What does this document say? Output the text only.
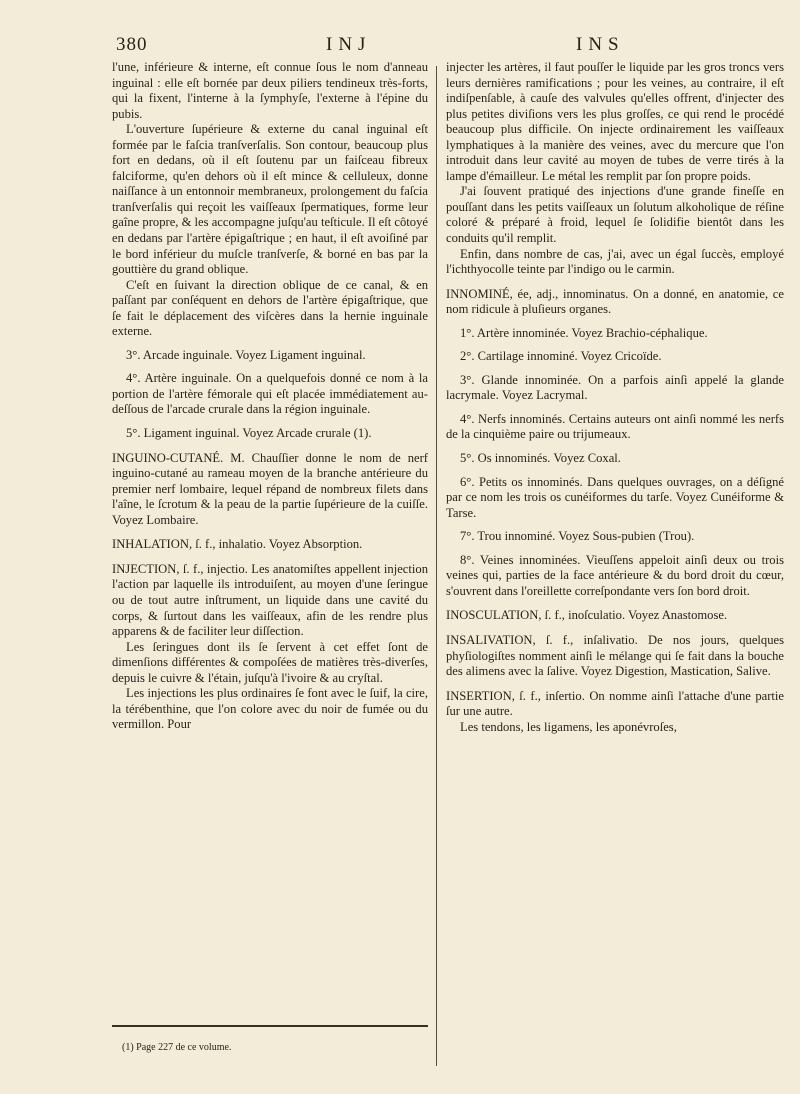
380	INJ	INS

l'une, inférieure & interne, eſt connue ſous le nom d'anneau inguinal : elle eſt bornée par deux piliers tendineux très-forts, qui la fixent, l'interne à la ſymphyſe, l'externe à l'épine du pubis.

L'ouverture ſupérieure & externe du canal inguinal eſt formée par le faſcia tranſverſalis. Son contour, beaucoup plus fort en dedans, où il eſt ſoutenu par un faiſceau fibreux falciforme, qu'en dehors où il eſt mince & celluleux, donne naiſſance à un entonnoir membraneux, prolongement du faſcia tranſverſalis qui reçoit les vaiſſeaux ſpermatiques, forme leur gaîne propre, & les accompagne juſqu'au teſticule. Il eſt côtoyé en dedans par l'artère épigaſtrique ; en haut, il eſt avoiſiné par le bord inférieur du muſcle tranſverſe, & borné en bas par la gouttière du grand oblique.

C'eſt en ſuivant la direction oblique de ce canal, & en paſſant par conſéquent en dehors de l'artère épigaſtrique, que ſe fait le déplacement des viſcères dans la hernie inguinale externe.

3°. Arcade inguinale. Voyez Ligament inguinal.

4°. Artère inguinale. On a quelquefois donné ce nom à la portion de l'artère fémorale qui eſt placée immédiatement au-deſſous de l'arcade crurale dans la région inguinale.

5°. Ligament inguinal. Voyez Arcade crurale (1).

INGUINO-CUTANÉ. M. Chauſſier donne le nom de nerf inguino-cutané au rameau moyen de la branche antérieure du premier nerf lombaire, lequel répand de nombreux filets dans l'aîne, le ſcrotum & la peau de la partie ſupérieure de la cuiſſe. Voyez Lombaire.

INHALATION, ſ. f., inhalatio. Voyez Absorption.

INJECTION, ſ. f., injectio. Les anatomiſtes appellent injection l'action par laquelle ils introduiſent, au moyen d'une ſeringue ou de tout autre inſtrument, un liquide dans une cavité du corps, & ſurtout dans les vaiſſeaux, afin de les rendre plus apparens & de faciliter leur diſſection.

Les ſeringues dont ils ſe ſervent à cet effet ſont de dimenſions différentes & compoſées de matières très-diverſes, depuis le cuivre & l'étain, juſqu'à l'ivoire & au cryſtal.

Les injections les plus ordinaires ſe font avec le ſuif, la cire, la térébenthine, que l'on colore avec du noir de fumée ou du vermillon. Pour

injecter les artères, il faut pouſſer le liquide par les gros troncs vers leurs dernières ramifications ; pour les veines, au contraire, il eſt indiſpenſable, à cauſe des valvules qu'elles offrent, d'injecter des plus petites diviſions vers les plus groſſes, ce qui rend le procédé beaucoup plus difficile. On injecte ordinairement les vaiſſeaux lymphatiques à la manière des veines, avec du mercure que l'on introduit dans leur cavité au moyen de tubes de verre tirés à la lampe d'émailleur. Le métal les remplit par ſon propre poids.

J'ai ſouvent pratiqué des injections d'une grande fineſſe en pouſſant dans les petits vaiſſeaux un ſolutum alkoholique de réſine coloré & préparé à froid, lequel ſe ſolidifie bientôt dans les conduits qu'il remplit.

Enfin, dans nombre de cas, j'ai, avec un égal ſuccès, employé l'ichthyocolle teinte par l'indigo ou le carmin.

INNOMINÉ, ée, adj., innominatus. On a donné, en anatomie, ce nom ridicule à pluſieurs organes.

1°. Artère innominée. Voyez Brachio-céphalique.

2°. Cartilage innominé. Voyez Cricoïde.

3°. Glande innominée. On a parfois ainſi appelé la glande lacrymale. Voyez Lacrymal.

4°. Nerfs innominés. Certains auteurs ont ainſi nommé les nerfs de la cinquième paire ou trijumeaux.

5°. Os innominés. Voyez Coxal.

6°. Petits os innominés. Dans quelques ouvrages, on a déſigné par ce nom les trois os cunéiformes du tarſe. Voyez Cunéiforme & Tarse.

7°. Trou innominé. Voyez Sous-pubien (Trou).

8°. Veines innominées. Vieuſſens appeloit ainſi deux ou trois veines qui, parties de la face antérieure & du bord droit du cœur, s'ouvrent dans l'oreillette correſpondante vers ſon bord droit.

INOSCULATION, ſ. f., inoſculatio. Voyez Anastomose.

INSALIVATION, ſ. f., inſalivatio. De nos jours, quelques phyſiologiſtes nomment ainſi le mélange qui ſe fait dans la bouche des alimens avec la ſalive. Voyez Digestion, Mastication, Salive.

INSERTION, ſ. f., inſertio. On nomme ainſi l'attache d'une partie ſur une autre.

Les tendons, les ligamens, les aponévroſes,

(1) Page 227 de ce volume.
